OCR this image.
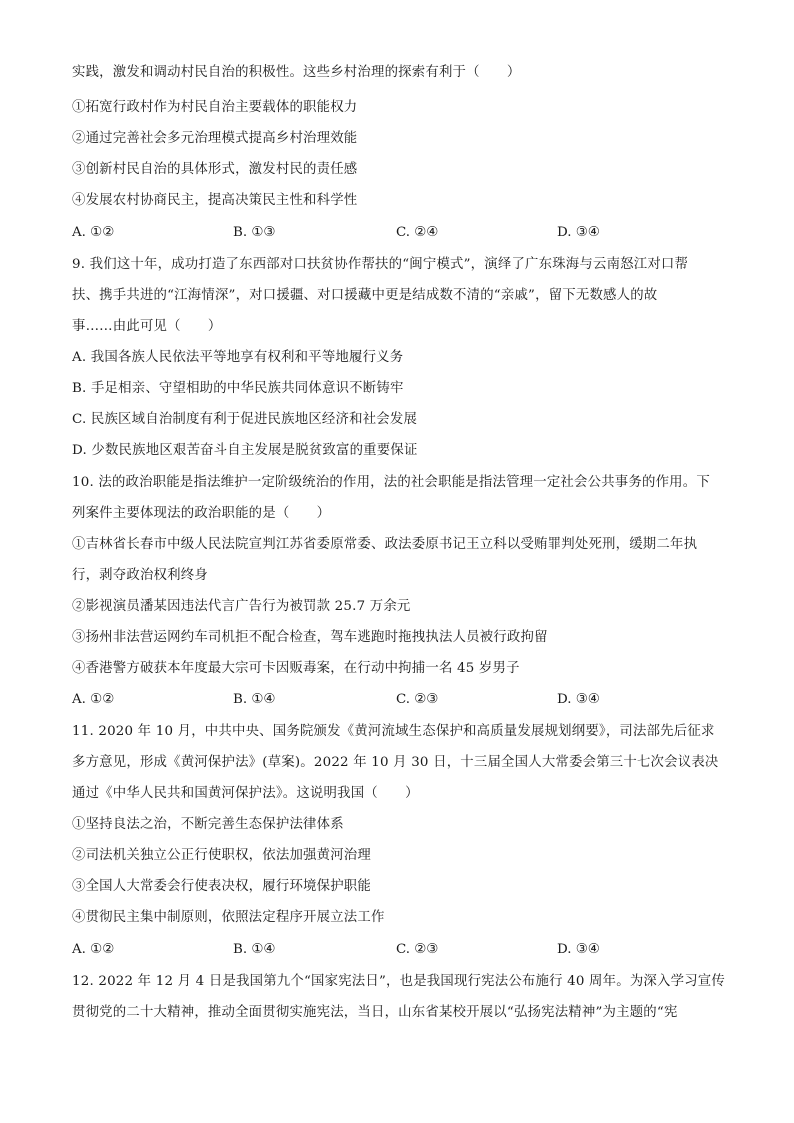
实践，激发和调动村民自治的积极性。这些乡村治理的探索有利于（　　）
①拓宽行政村作为村民自治主要载体的职能权力
②通过完善社会多元治理模式提高乡村治理效能
③创新村民自治的具体形式，激发村民的责任感
④发展农村协商民主，提高决策民主性和科学性
A. ①②	B. ①③	C. ②④	D. ③④
9. 我们这十年，成功打造了东西部对口扶贫协作帮扶的“闽宁模式”，演绎了广东珠海与云南怒江对口帮
扶、携手共进的“江海情深”，对口援疆、对口援藏中更是结成数不清的“亲戚”，留下无数感人的故
事……由此可见（　　）
A. 我国各族人民依法平等地享有权利和平等地履行义务
B. 手足相亲、守望相助的中华民族共同体意识不断铸牢
C. 民族区域自治制度有利于促进民族地区经济和社会发展
D. 少数民族地区艰苦奋斗自主发展是脱贫致富的重要保证
10. 法的政治职能是指法维护一定阶级统治的作用，法的社会职能是指法管理一定社会公共事务的作用。下
列案件主要体现法的政治职能的是（　　）
①吉林省长春市中级人民法院宣判江苏省委原常委、政法委原书记王立科以受贿罪判处死刑，缓期二年执
行，剥夺政治权利终身
②影视演员潘某因违法代言广告行为被罚款 25.7 万余元
③扬州非法营运网约车司机拒不配合检查，驾车逃跑时拖拽执法人员被行政拘留
④香港警方破获本年度最大宗可卡因贩毒案，在行动中拘捕一名 45 岁男子
A. ①②	B. ①④	C. ②③	D. ③④
11. 2020 年 10 月，中共中央、国务院颁发《黄河流域生态保护和高质量发展规划纲要》，司法部先后征求
多方意见，形成《黄河保护法》(草案)。2022 年 10 月 30 日，十三届全国人大常委会第三十七次会议表决
通过《中华人民共和国黄河保护法》。这说明我国（　　）
①坚持良法之治，不断完善生态保护法律体系
②司法机关独立公正行使职权，依法加强黄河治理
③全国人大常委会行使表决权，履行环境保护职能
④贯彻民主集中制原则，依照法定程序开展立法工作
A. ①②	B. ①④	C. ②③	D. ③④
12. 2022 年 12 月 4 日是我国第九个“国家宪法日”，也是我国现行宪法公布施行 40 周年。为深入学习宣传
贯彻党的二十大精神，推动全面贯彻实施宪法，当日，山东省某校开展以“弘扬宪法精神”为主题的“宪
